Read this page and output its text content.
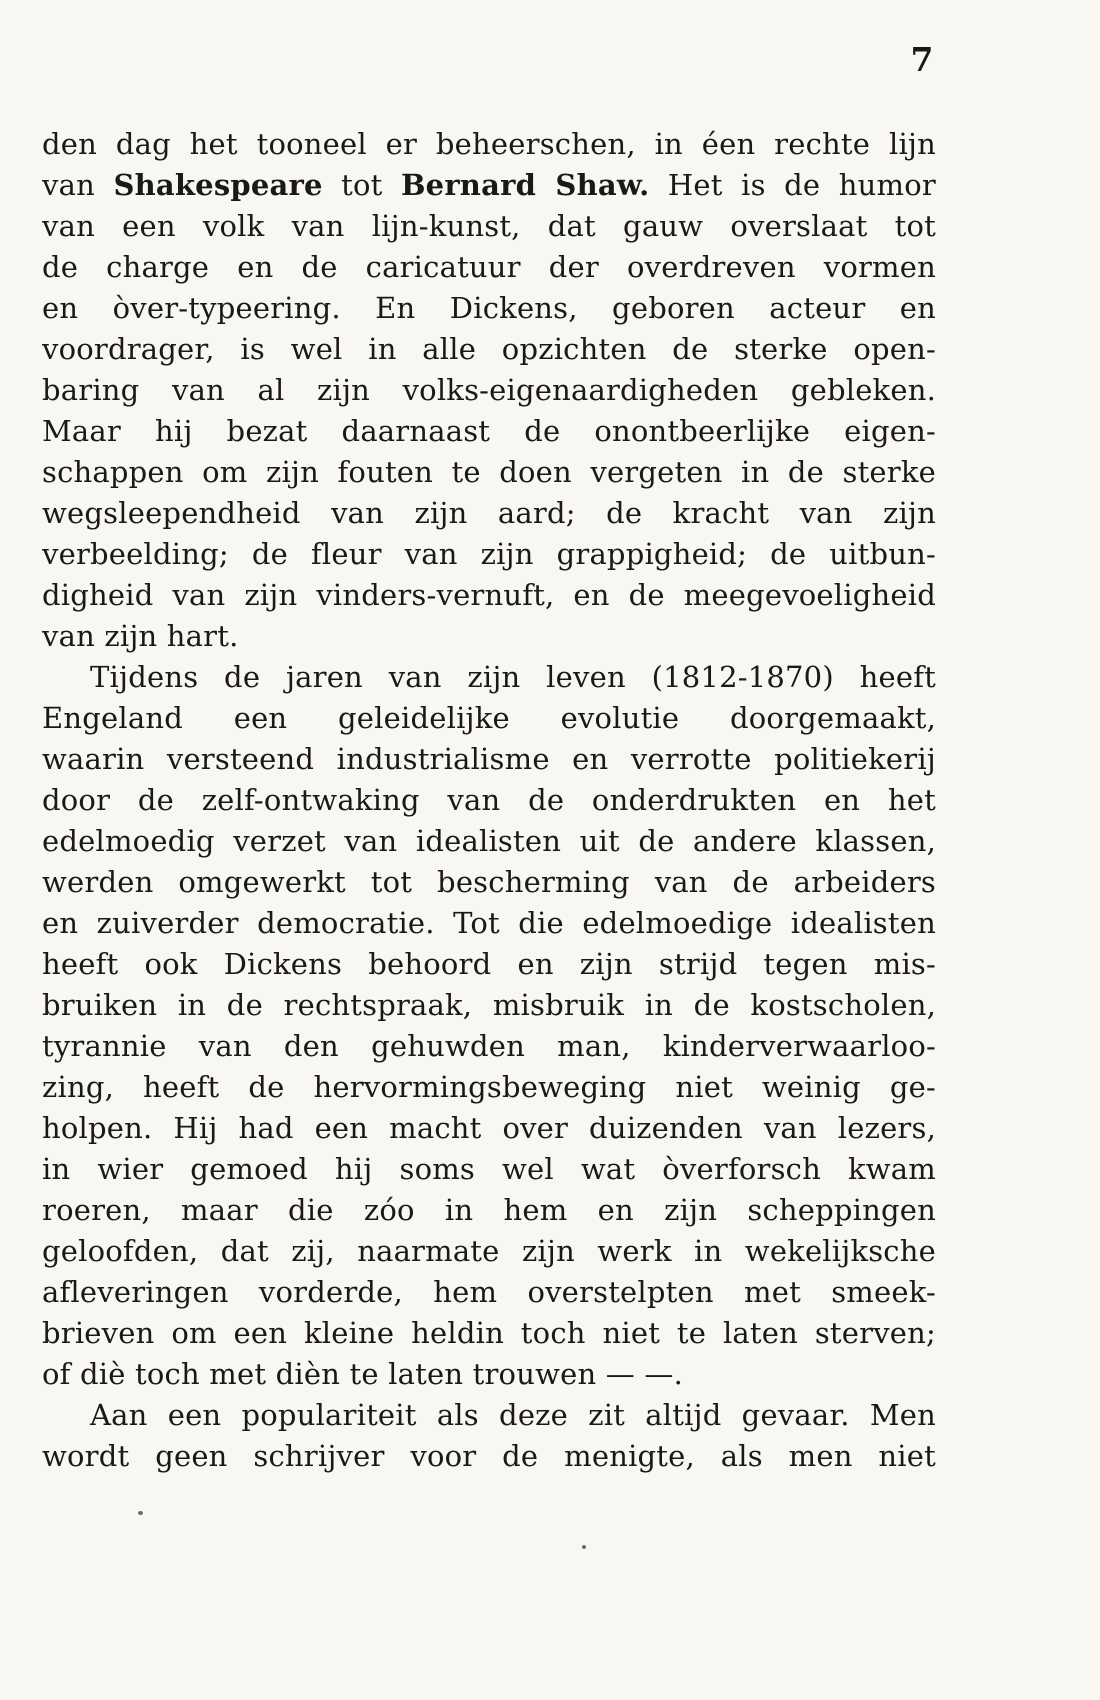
7
den dag het tooneel er beheerschen, in éen rechte lijn
van Shakespeare tot Bernard Shaw. Het is de humor
van een volk van lijn-kunst, dat gauw overslaat tot
de charge en de caricatuur der overdreven vormen
en òver-typeering. En Dickens, geboren acteur en
voordrager, is wel in alle opzichten de sterke open-
baring van al zijn volks-eigenaardigheden gebleken.
Maar hij bezat daarnaast de onontbeerlijke eigen-
schappen om zijn fouten te doen vergeten in de sterke
wegsleependheid van zijn aard; de kracht van zijn
verbeelding; de fleur van zijn grappigheid; de uitbun-
digheid van zijn vinders-vernuft, en de meegevoeligheid
van zijn hart.
Tijdens de jaren van zijn leven (1812-1870) heeft
Engeland een geleidelijke evolutie doorgemaakt,
waarin versteend industrialisme en verrotte politiekerij
door de zelf-ontwaking van de onderdrukten en het
edelmoedig verzet van idealisten uit de andere klassen,
werden omgewerkt tot bescherming van de arbeiders
en zuiverder democratie. Tot die edelmoedige idealisten
heeft ook Dickens behoord en zijn strijd tegen mis-
bruiken in de rechtspraak, misbruik in de kostscholen,
tyrannie van den gehuwden man, kinderverwaarloo-
zing, heeft de hervormingsbeweging niet weinig ge-
holpen. Hij had een macht over duizenden van lezers,
in wier gemoed hij soms wel wat òverforsch kwam
roeren, maar die zóo in hem en zijn scheppingen
geloofden, dat zij, naarmate zijn werk in wekelijksche
afleveringen vorderde, hem overstelpten met smeek-
brieven om een kleine heldin toch niet te laten sterven;
of diè toch met dièn te laten trouwen — —.
Aan een populariteit als deze zit altijd gevaar. Men
wordt geen schrijver voor de menigte, als men niet
